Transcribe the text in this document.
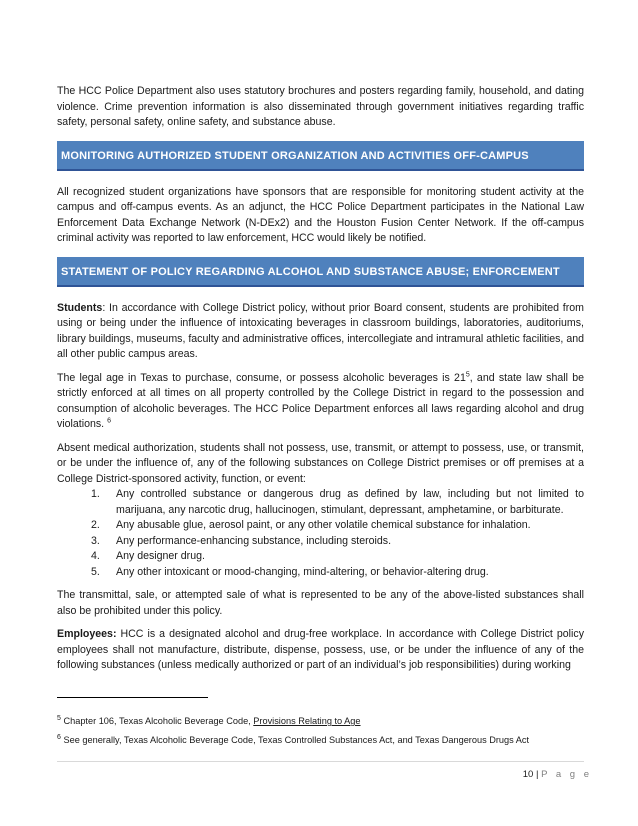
The HCC Police Department also uses statutory brochures and posters regarding family, household, and dating violence. Crime prevention information is also disseminated through government initiatives regarding traffic safety, personal safety, online safety, and substance abuse.

MONITORING AUTHORIZED STUDENT ORGANIZATION AND ACTIVITIES OFF-CAMPUS

All recognized student organizations have sponsors that are responsible for monitoring student activity at the campus and off-campus events. As an adjunct, the HCC Police Department participates in the National Law Enforcement Data Exchange Network (N-DEx2) and the Houston Fusion Center Network. If the off-campus criminal activity was reported to law enforcement, HCC would likely be notified.

STATEMENT OF POLICY REGARDING ALCOHOL AND SUBSTANCE ABUSE; ENFORCEMENT

Students: In accordance with College District policy, without prior Board consent, students are prohibited from using or being under the influence of intoxicating beverages in classroom buildings, laboratories, auditoriums, library buildings, museums, faculty and administrative offices, intercollegiate and intramural athletic facilities, and all other public campus areas.

The legal age in Texas to purchase, consume, or possess alcoholic beverages is $21^5$, and state law shall be strictly enforced at all times on all property controlled by the College District in regard to the possession and consumption of alcoholic beverages. The HCC Police Department enforces all laws regarding alcohol and drug violations. $^6$

Absent medical authorization, students shall not possess, use, transmit, or attempt to possess, use, or transmit, or be under the influence of, any of the following substances on College District premises or off premises at a College District-sponsored activity, function, or event:

1.	Any controlled substance or dangerous drug as defined by law, including but not limited to marijuana, any narcotic drug, hallucinogen, stimulant, depressant, amphetamine, or barbiturate.
2.	Any abusable glue, aerosol paint, or any other volatile chemical substance for inhalation.
3.	Any performance-enhancing substance, including steroids.
4.	Any designer drug.
5.	Any other intoxicant or mood-changing, mind-altering, or behavior-altering drug.

The transmittal, sale, or attempted sale of what is represented to be any of the above-listed substances shall also be prohibited under this policy.

Employees: HCC is a designated alcohol and drug-free workplace. In accordance with College District policy employees shall not manufacture, distribute, dispense, possess, use, or be under the influence of any of the following substances (unless medically authorized or part of an individual’s job responsibilities) during working

$^5$ Chapter 106, Texas Alcoholic Beverage Code, Provisions Relating to Age
$^6$ See generally, Texas Alcoholic Beverage Code, Texas Controlled Substances Act, and Texas Dangerous Drugs Act
10 | P a g e
